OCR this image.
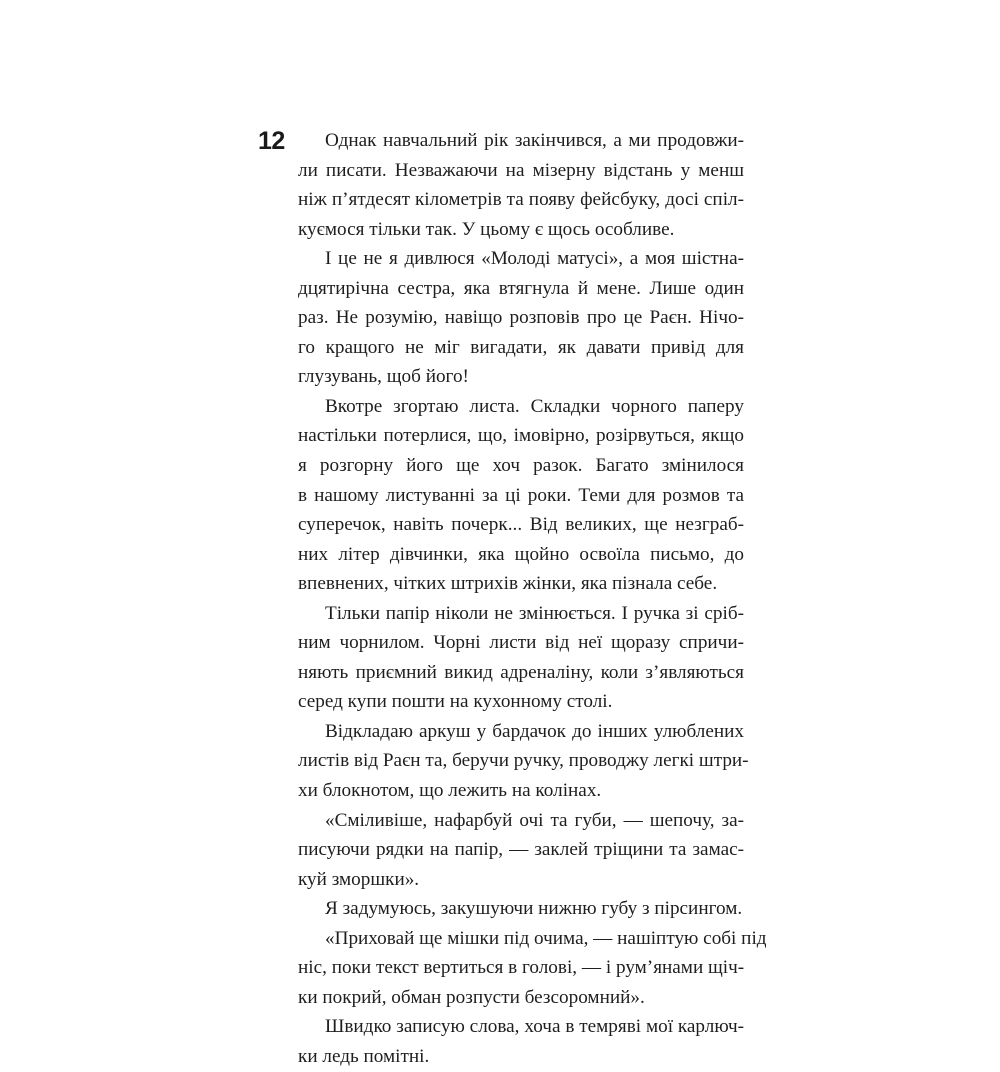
12	Однак навчальний рік закінчився, а ми продовжи-
ли писати. Незважаючи на мізерну відстань у менш
ніж п’ятдесят кілометрів та появу фейсбуку, досі спіл-
куємося тільки так. У цьому є щось особливе.
І це не я дивлюся «Молоді матусі», а моя шістна-
дцятирічна сестра, яка втягнула й мене. Лише один
раз. Не розумію, навіщо розповів про це Раєн. Нічо-
го кращого не міг вигадати, як давати привід для
глузувань, щоб його!
Вкотре згортаю листа. Складки чорного паперу
настільки потерлися, що, імовірно, розірвуться, якщо
я розгорну його ще хоч разок. Багато змінилося
в нашому листуванні за ці роки. Теми для розмов та
суперечок, навіть почерк... Від великих, ще незграб-
них літер дівчинки, яка щойно освоїла письмо, до
впевнених, чітких штрихів жінки, яка пізнала себе.
Тільки папір ніколи не змінюється. І ручка зі сріб-
ним чорнилом. Чорні листи від неї щоразу спричи-
няють приємний викид адреналіну, коли з’являються
серед купи пошти на кухонному столі.
Відкладаю аркуш у бардачок до інших улюблених
листів від Раєн та, беручи ручку, проводжу легкі штри-
хи блокнотом, що лежить на колінах.
«Сміливіше, нафарбуй очі та губи, — шепочу, за-
писуючи рядки на папір, — заклей тріщини та замас-
куй зморшки».
Я задумуюсь, закушуючи нижню губу з пірсингом.
«Приховай ще мішки під очима, — нашіптую собі під
ніс, поки текст вертиться в голові, — і рум’янами щіч-
ки покрий, обман розпусти безсоромний».
Швидко записую слова, хоча в темряві мої карлюч-
ки ледь помітні.
